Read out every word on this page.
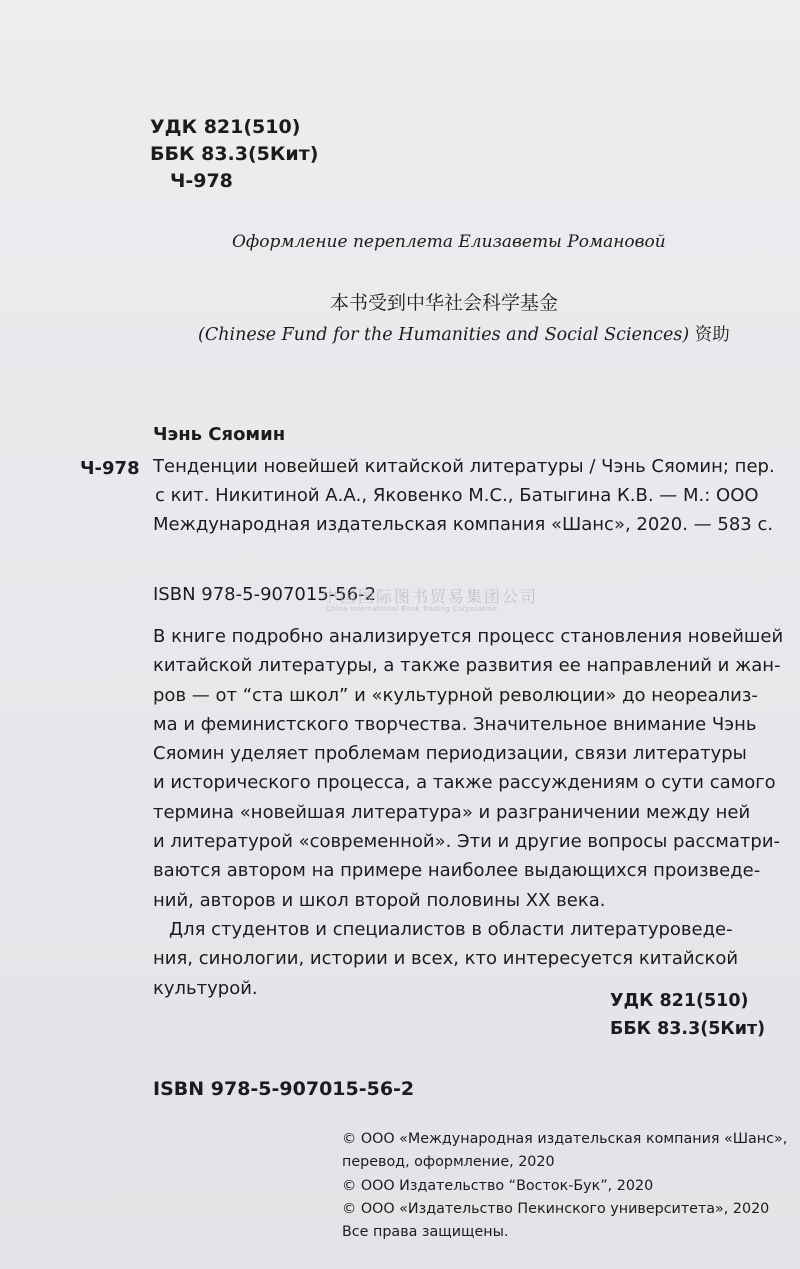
УДК 821(510)
ББК 83.3(5Кит)
Ч-978
Оформление переплета Елизаветы Романовой
本书受到中华社会科学基金
(Chinese Fund for the Humanities and Social Sciences) 资助
Чэнь Сяомин
Ч-978 Тенденции новейшей китайской литературы / Чэнь Сяомин; пер.
с кит. Никитиной А.А., Яковенко М.С., Батыгина К.В. — М.: ООО
Международная издательская компания «Шанс», 2020. — 583 с.
ISBN 978-5-907015-56-2
中国国际图书贸易集团公司
China International Book Trading Corporation
В книге подробно анализируется процесс становления новейшей
китайской литературы, а также развития ее направлений и жан-
ров — от “ста школ” и «культурной революции» до неореализ-
ма и феминистского творчества. Значительное внимание Чэнь
Сяомин уделяет проблемам периодизации, связи литературы
и исторического процесса, а также рассуждениям о сути самого
термина «новейшая литература» и разграничении между ней
и литературой «современной». Эти и другие вопросы рассматри-
ваются автором на примере наиболее выдающихся произведе-
ний, авторов и школ второй половины XX века.
Для студентов и специалистов в области литературоведе-
ния, синологии, истории и всех, кто интересуется китайской
культурой.
УДК 821(510)
ББК 83.3(5Кит)
ISBN 978-5-907015-56-2
© ООО «Международная издательская компания «Шанс»,
перевод, оформление, 2020
© ООО Издательство “Восток-Бук”, 2020
© ООО «Издательство Пекинского университета», 2020
Все права защищены.
